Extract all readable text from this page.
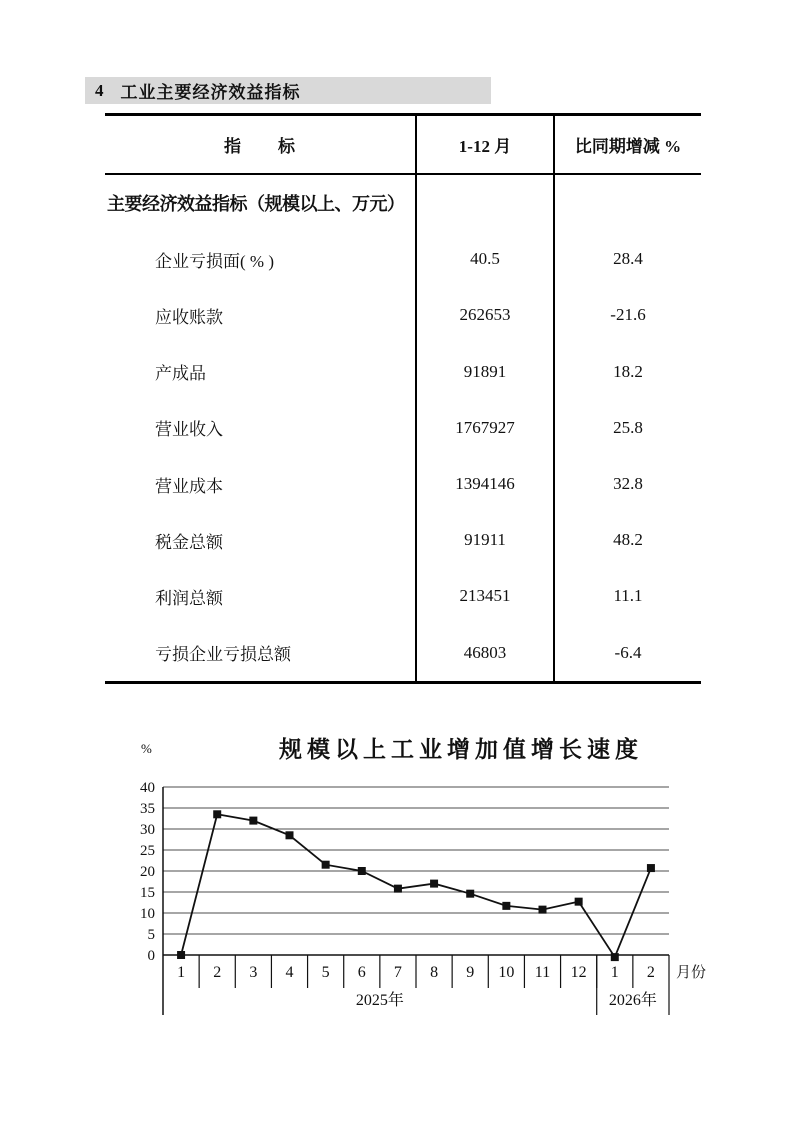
4 工业主要经济效益指标
指　　标	1-12 月	比同期增减 %
主要经济效益指标（规模以上、万元）
企业亏损面( % )	40.5	28.4
应收账款	262653	-21.6
产成品	91891	18.2
营业收入	1767927	25.8
营业成本	1394146	32.8
税金总额	91911	48.2
利润总额	213451	11.1
亏损企业亏损总额	46803	-6.4
0
5
10
15
20
25
30
35
40
2025年	2026年
1 2 3 4 5 6 7 8 9 10 11 12 1 2 月份
%	规模以上工业增加值增长速度
